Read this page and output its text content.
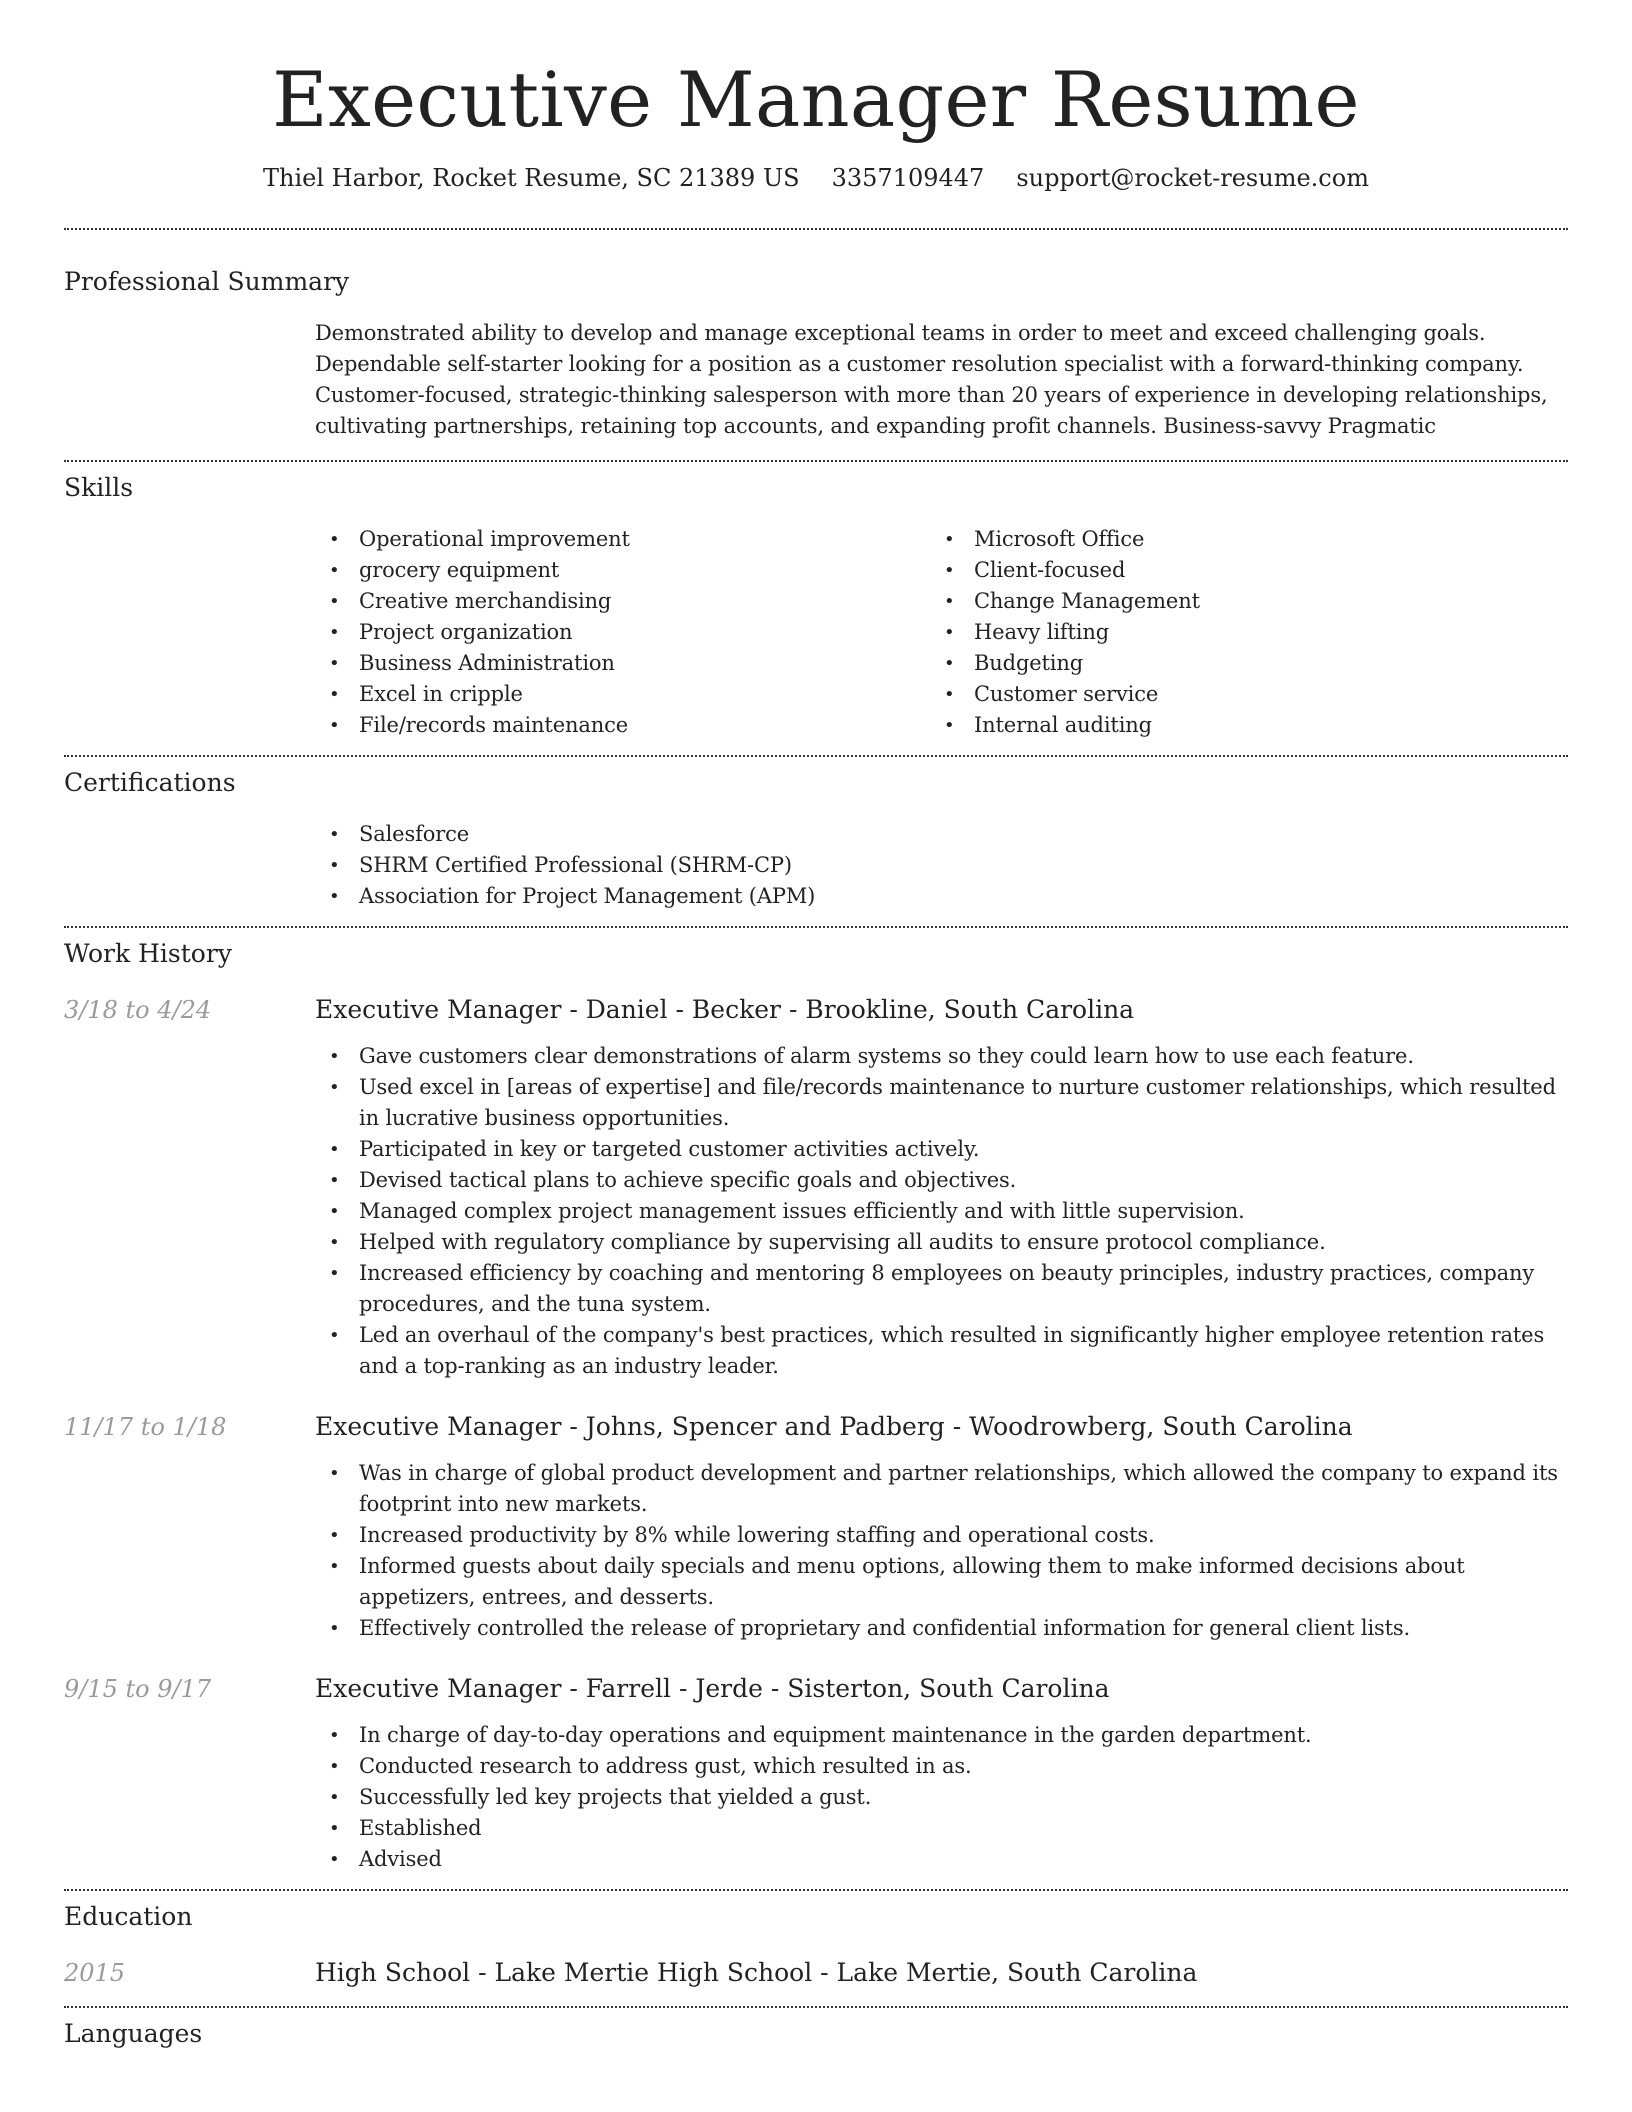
Executive Manager Resume
Thiel Harbor, Rocket Resume, SC 21389 US 3357109447 support@rocket-resume.com
Professional Summary

Demonstrated ability to develop and manage exceptional teams in order to meet and exceed challenging goals. Dependable self-starter looking for a position as a customer resolution specialist with a forward-thinking company. Customer-focused, strategic-thinking salesperson with more than 20 years of experience in developing relationships, cultivating partnerships, retaining top accounts, and expanding profit channels. Business-savvy Pragmatic

Skills
• Operational improvement
• grocery equipment
• Creative merchandising
• Project organization
• Business Administration
• Excel in cripple
• File/records maintenance
• Microsoft Office
• Client-focused
• Change Management
• Heavy lifting
• Budgeting
• Customer service
• Internal auditing
Certifications
• Salesforce
• SHRM Certified Professional (SHRM-CP)
• Association for Project Management (APM)
Work History
3/18 to 4/24	Executive Manager - Daniel - Becker - Brookline, South Carolina
• Gave customers clear demonstrations of alarm systems so they could learn how to use each feature.
• Used excel in [areas of expertise] and file/records maintenance to nurture customer relationships, which resulted in lucrative business opportunities.
• Participated in key or targeted customer activities actively.
• Devised tactical plans to achieve specific goals and objectives.
• Managed complex project management issues efficiently and with little supervision.
• Helped with regulatory compliance by supervising all audits to ensure protocol compliance.
• Increased efficiency by coaching and mentoring 8 employees on beauty principles, industry practices, company procedures, and the tuna system.
• Led an overhaul of the company's best practices, which resulted in significantly higher employee retention rates and a top-ranking as an industry leader.
11/17 to 1/18	Executive Manager - Johns, Spencer and Padberg - Woodrowberg, South Carolina
• Was in charge of global product development and partner relationships, which allowed the company to expand its footprint into new markets.
• Increased productivity by 8% while lowering staffing and operational costs.
• Informed guests about daily specials and menu options, allowing them to make informed decisions about appetizers, entrees, and desserts.
• Effectively controlled the release of proprietary and confidential information for general client lists.
9/15 to 9/17	Executive Manager - Farrell - Jerde - Sisterton, South Carolina
• In charge of day-to-day operations and equipment maintenance in the garden department.
• Conducted research to address gust, which resulted in as.
• Successfully led key projects that yielded a gust.
• Established
• Advised
Education
2015	High School - Lake Mertie High School - Lake Mertie, South Carolina
Languages
